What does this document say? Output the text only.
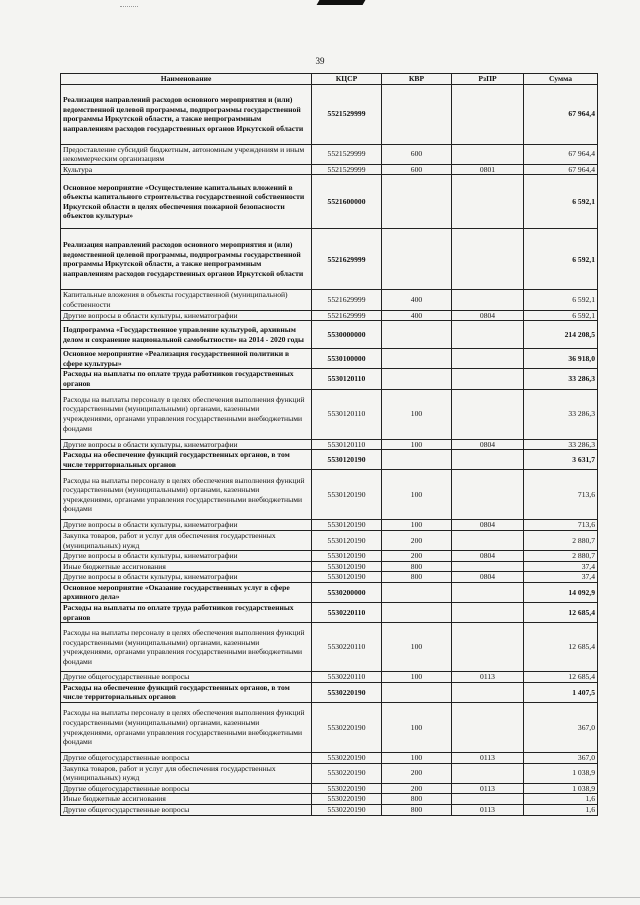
39
Наименование	КЦСР	КВР	РзПР	Сумма
Реализация направлений расходов основного мероприятия и (или) ведомственной целевой программы, подпрограммы государственной программы Иркутской области, а также непрограммным направлениям расходов государственных органов Иркутской области	5521529999			67 964,4
Предоставление субсидий бюджетным, автономным учреждениям и иным некоммерческим организациям	5521529999	600		67 964,4
Культура	5521529999	600	0801	67 964,4
Основное мероприятие «Осуществление капитальных вложений в объекты капитального строительства государственной собственности Иркутской области в целях обеспечения пожарной безопасности объектов культуры»	5521600000			6 592,1
Реализация направлений расходов основного мероприятия и (или) ведомственной целевой программы, подпрограммы государственной программы Иркутской области, а также непрограммным направлениям расходов государственных органов Иркутской области	5521629999			6 592,1
Капитальные вложения в объекты государственной (муниципальной) собственности	5521629999	400		6 592,1
Другие вопросы в области культуры, кинематографии	5521629999	400	0804	6 592,1
Подпрограмма «Государственное управление культурой, архивным делом и сохранение национальной самобытности» на 2014 - 2020 годы	5530000000			214 208,5
Основное мероприятие «Реализация государственной политики в сфере культуры»	5530100000			36 918,0
Расходы на выплаты по оплате труда работников государственных органов	5530120110			33 286,3
Расходы на выплаты персоналу в целях обеспечения выполнения функций государственными (муниципальными) органами, казенными учреждениями, органами управления государственными внебюджетными фондами	5530120110	100		33 286,3
Другие вопросы в области культуры, кинематографии	5530120110	100	0804	33 286,3
Расходы на обеспечение функций государственных органов, в том числе территориальных органов	5530120190			3 631,7
Расходы на выплаты персоналу в целях обеспечения выполнения функций государственными (муниципальными) органами, казенными учреждениями, органами управления государственными внебюджетными фондами	5530120190	100		713,6
Другие вопросы в области культуры, кинематографии	5530120190	100	0804	713,6
Закупка товаров, работ и услуг для обеспечения государственных (муниципальных) нужд	5530120190	200		2 880,7
Другие вопросы в области культуры, кинематографии	5530120190	200	0804	2 880,7
Иные бюджетные ассигнования	5530120190	800		37,4
Другие вопросы в области культуры, кинематографии	5530120190	800	0804	37,4
Основное мероприятие «Оказание государственных услуг в сфере архивного дела»	5530200000			14 092,9
Расходы на выплаты по оплате труда работников государственных органов	5530220110			12 685,4
Расходы на выплаты персоналу в целях обеспечения выполнения функций государственными (муниципальными) органами, казенными учреждениями, органами управления государственными внебюджетными фондами	5530220110	100		12 685,4
Другие общегосударственные вопросы	5530220110	100	0113	12 685,4
Расходы на обеспечение функций государственных органов, в том числе территориальных органов	5530220190			1 407,5
Расходы на выплаты персоналу в целях обеспечения выполнения функций государственными (муниципальными) органами, казенными учреждениями, органами управления государственными внебюджетными фондами	5530220190	100		367,0
Другие общегосударственные вопросы	5530220190	100	0113	367,0
Закупка товаров, работ и услуг для обеспечения государственных (муниципальных) нужд	5530220190	200		1 038,9
Другие общегосударственные вопросы	5530220190	200	0113	1 038,9
Иные бюджетные ассигнования	5530220190	800		1,6
Другие общегосударственные вопросы	5530220190	800	0113	1,6
